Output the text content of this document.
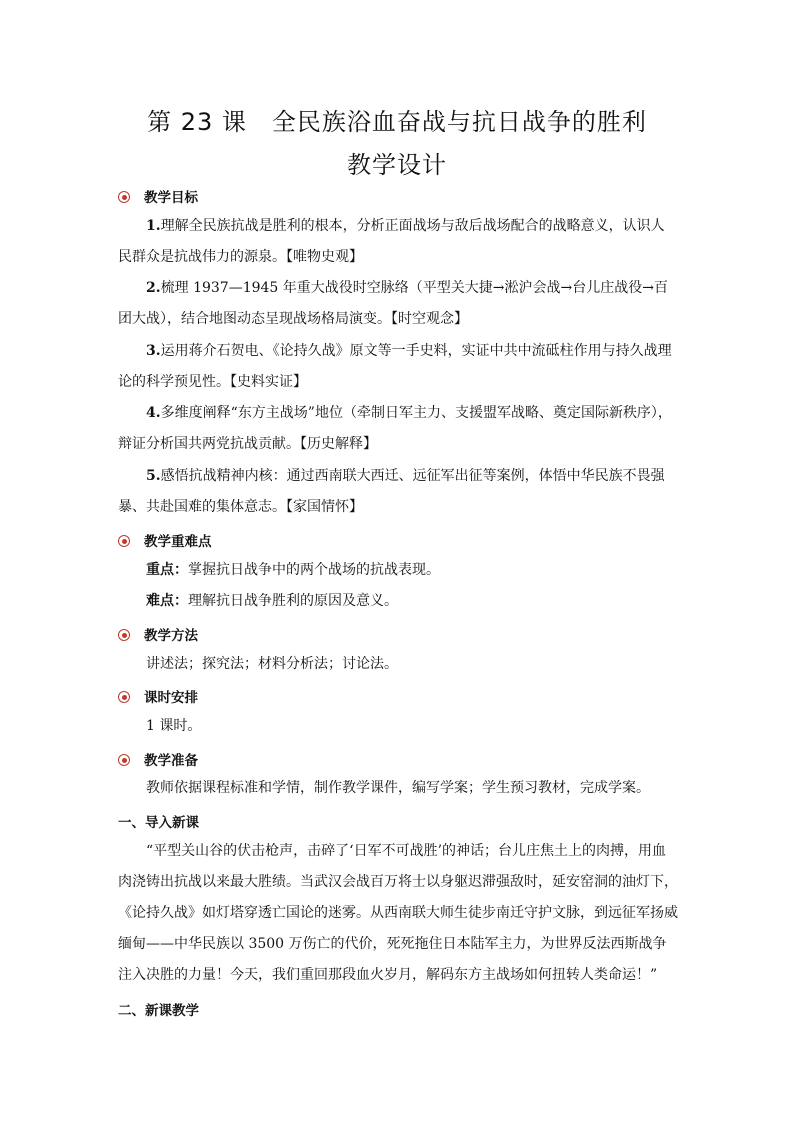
第 23 课　全民族浴血奋战与抗日战争的胜利
教学设计
教学目标
1.理解全民族抗战是胜利的根本，分析正面战场与敌后战场配合的战略意义，认识人民群众是抗战伟力的源泉。【唯物史观】
2.梳理 1937—1945 年重大战役时空脉络（平型关大捷→淞沪会战→台儿庄战役→百团大战），结合地图动态呈现战场格局演变。【时空观念】
3.运用蒋介石贺电、《论持久战》原文等一手史料，实证中共中流砥柱作用与持久战理论的科学预见性。【史料实证】
4.多维度阐释“东方主战场”地位（牵制日军主力、支援盟军战略、奠定国际新秩序），辩证分析国共两党抗战贡献。【历史解释】
5.感悟抗战精神内核：通过西南联大西迁、远征军出征等案例，体悟中华民族不畏强暴、共赴国难的集体意志。【家国情怀】
教学重难点
重点：掌握抗日战争中的两个战场的抗战表现。
难点：理解抗日战争胜利的原因及意义。
教学方法
讲述法；探究法；材料分析法；讨论法。
课时安排
1 课时。
教学准备
教师依据课程标准和学情，制作教学课件，编写学案；学生预习教材，完成学案。
一、导入新课
“平型关山谷的伏击枪声，击碎了‘日军不可战胜’的神话；台儿庄焦土上的肉搏，用血肉浇铸出抗战以来最大胜绩。当武汉会战百万将士以身躯迟滞强敌时，延安窑洞的油灯下，《论持久战》如灯塔穿透亡国论的迷雾。从西南联大师生徒步南迁守护文脉，到远征军扬威缅甸——中华民族以 3500 万伤亡的代价，死死拖住日本陆军主力，为世界反法西斯战争注入决胜的力量！今天，我们重回那段血火岁月，解码东方主战场如何扭转人类命运！”
二、新课教学
